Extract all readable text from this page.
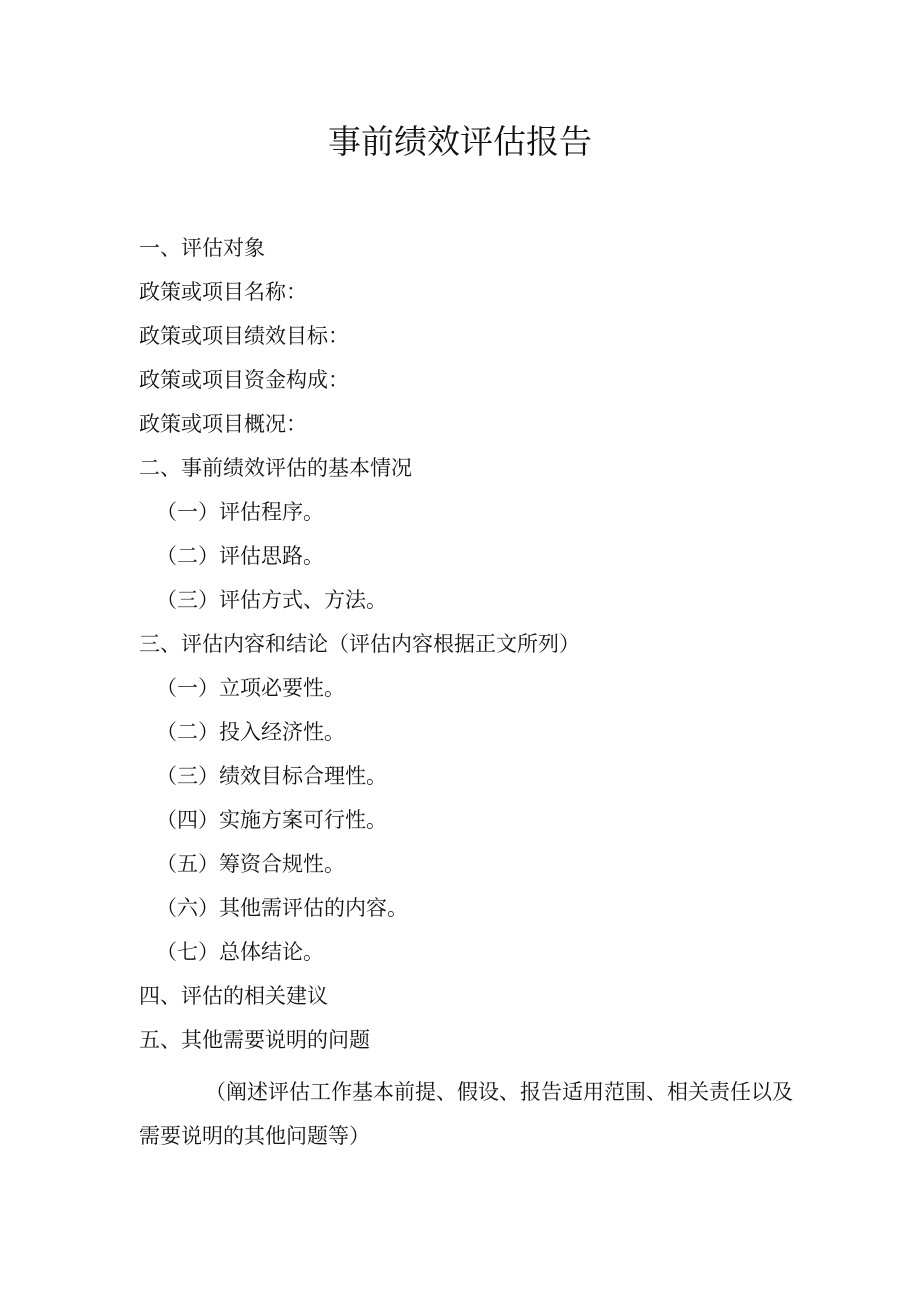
事前绩效评估报告

一、评估对象

政策或项目名称：

政策或项目绩效目标：

政策或项目资金构成：

政策或项目概况：

二、事前绩效评估的基本情况

（一）评估程序。

（二）评估思路。

（三）评估方式、方法。

三、评估内容和结论（评估内容根据正文所列）

（一）立项必要性。

（二）投入经济性。

（三）绩效目标合理性。

（四）实施方案可行性。

（五）筹资合规性。

（六）其他需评估的内容。

（七）总体结论。

四、评估的相关建议

五、其他需要说明的问题

（阐述评估工作基本前提、假设、报告适用范围、相关责任以及需要说明的其他问题等）
